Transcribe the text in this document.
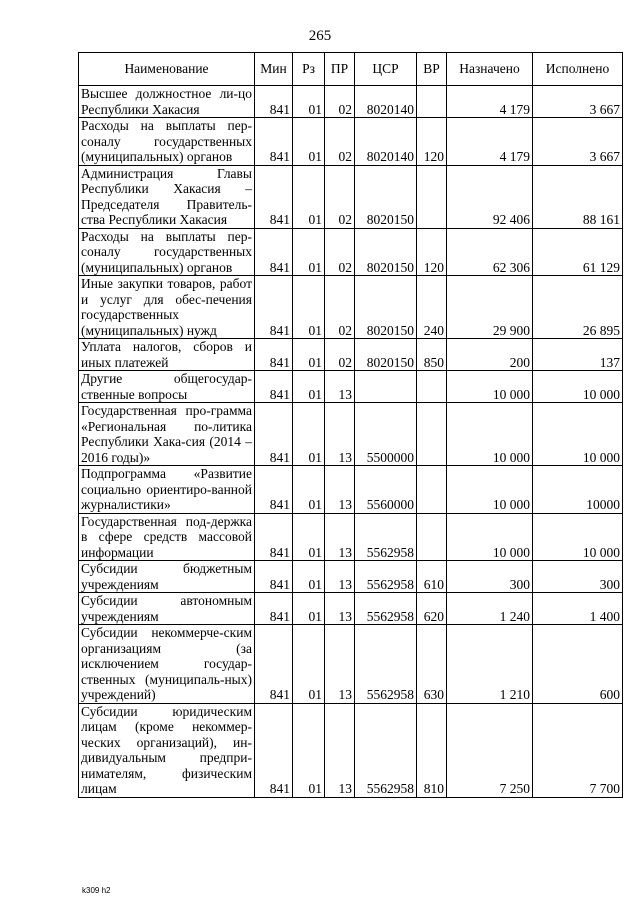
265
Наименование	Мин	Рз	ПР	ЦСР	ВР	Назначено	Исполнено
Высшее должностное ли-цо Республики Хакасия	841	01	02	8020140		4 179	3 667
Расходы на выплаты пер-соналу государственных (муниципальных) органов	841	01	02	8020140	120	4 179	3 667
Администрация Главы Республики Хакасия – Председателя Правитель-ства Республики Хакасия	841	01	02	8020150		92 406	88 161
Расходы на выплаты пер-соналу государственных (муниципальных) органов	841	01	02	8020150	120	62 306	61 129
Иные закупки товаров, работ и услуг для обес-печения государственных (муниципальных) нужд	841	01	02	8020150	240	29 900	26 895
Уплата налогов, сборов и иных платежей	841	01	02	8020150	850	200	137
Другие общегосудар-ственные вопросы	841	01	13			10 000	10 000
Государственная про-грамма «Региональная по-литика Республики Хака-сия (2014 – 2016 годы)»	841	01	13	5500000		10 000	10 000
Подпрограмма «Развитие социально ориентиро-ванной журналистики»	841	01	13	5560000		10 000	10000
Государственная под-держка в сфере средств массовой информации	841	01	13	5562958		10 000	10 000
Субсидии бюджетным учреждениям	841	01	13	5562958	610	300	300
Субсидии автономным учреждениям	841	01	13	5562958	620	1 240	1 400
Субсидии некоммерче-ским организациям (за исключением государ-ственных (муниципаль-ных) учреждений)	841	01	13	5562958	630	1 210	600
Субсидии юридическим лицам (кроме некоммер-ческих организаций), ин-дивидуальным предпри-нимателям, физическим лицам	841	01	13	5562958	810	7 250	7 700
k309 h2
